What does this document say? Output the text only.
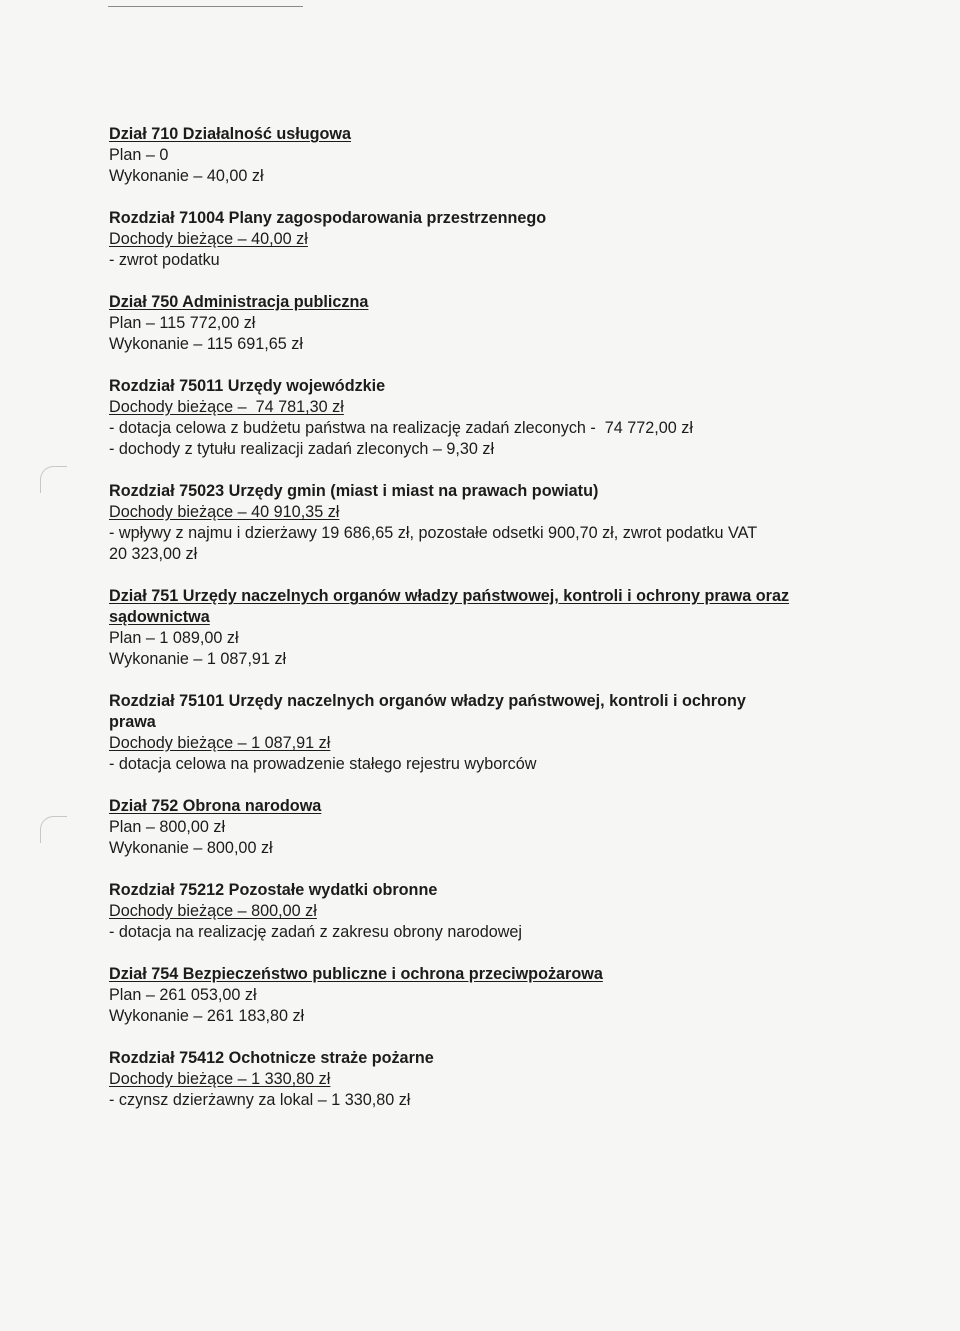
Dział 710 Działalność usługowa
Plan – 0
Wykonanie – 40,00 zł
Rozdział 71004 Plany zagospodarowania przestrzennego
Dochody bieżące – 40,00 zł
- zwrot podatku
Dział 750 Administracja publiczna
Plan – 115 772,00 zł
Wykonanie – 115 691,65 zł
Rozdział 75011 Urzędy wojewódzkie
Dochody bieżące –  74 781,30 zł
- dotacja celowa z budżetu państwa na realizację zadań zleconych -  74 772,00 zł
- dochody z tytułu realizacji zadań zleconych – 9,30 zł
Rozdział 75023 Urzędy gmin (miast i miast na prawach powiatu)
Dochody bieżące – 40 910,35 zł
- wpływy z najmu i dzierżawy 19 686,65 zł, pozostałe odsetki 900,70 zł, zwrot podatku VAT 20 323,00 zł
Dział 751 Urzędy naczelnych organów władzy państwowej, kontroli i ochrony prawa oraz sądownictwa
Plan – 1 089,00 zł
Wykonanie – 1 087,91 zł
Rozdział 75101 Urzędy naczelnych organów władzy państwowej, kontroli i ochrony prawa
Dochody bieżące – 1 087,91 zł
- dotacja celowa na prowadzenie stałego rejestru wyborców
Dział 752 Obrona narodowa
Plan – 800,00 zł
Wykonanie – 800,00 zł
Rozdział 75212 Pozostałe wydatki obronne
Dochody bieżące – 800,00 zł
- dotacja na realizację zadań z zakresu obrony narodowej
Dział 754 Bezpieczeństwo publiczne i ochrona przeciwpożarowa
Plan – 261 053,00 zł
Wykonanie – 261 183,80 zł
Rozdział 75412 Ochotnicze straże pożarne
Dochody bieżące – 1 330,80 zł
- czynsz dzierżawny za lokal – 1 330,80 zł
